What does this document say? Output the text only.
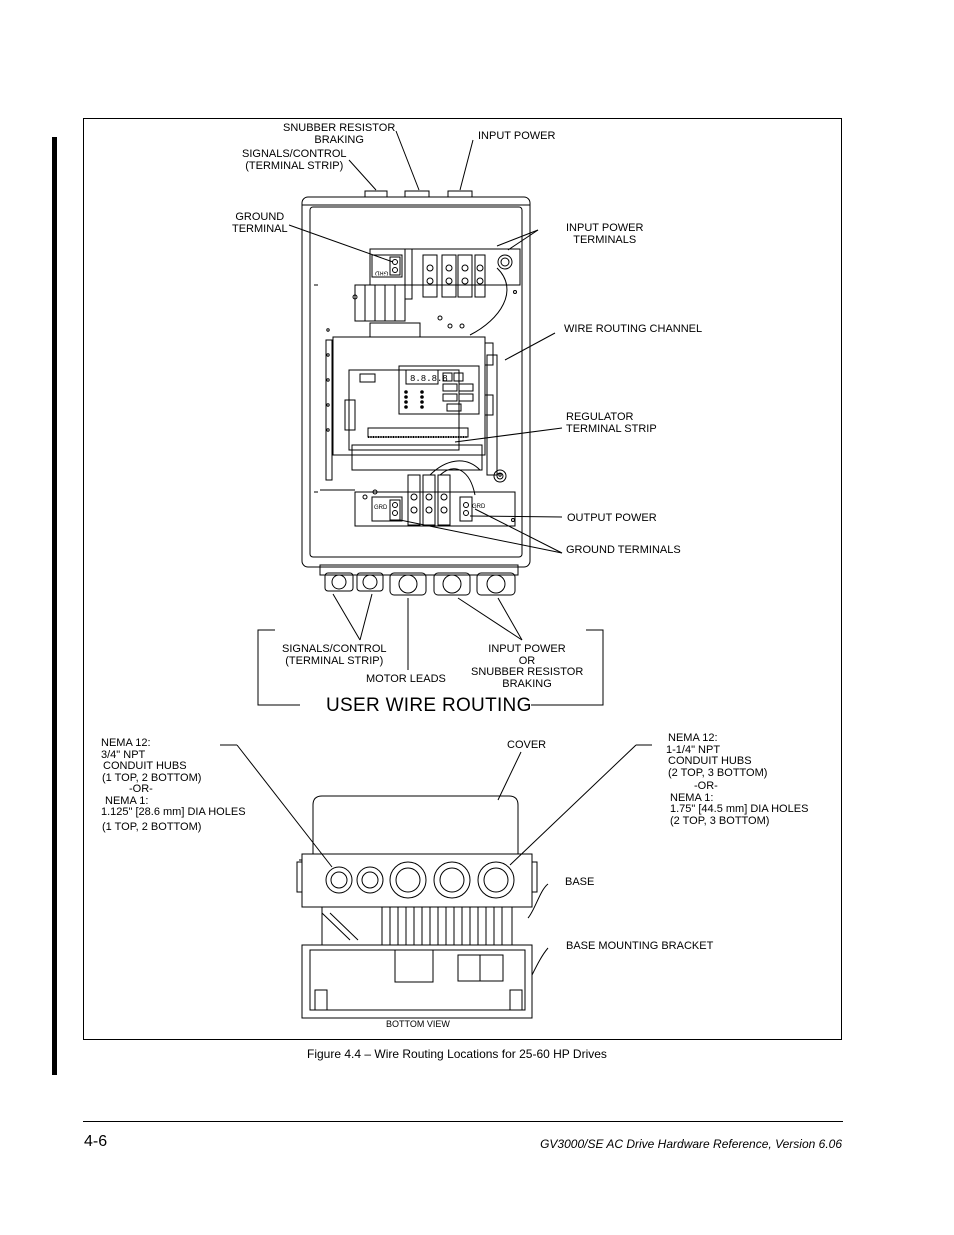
8.8.8.8
SNUBBER RESISTOR
BRAKING
SIGNALS/CONTROL
(TERMINAL STRIP)
INPUT POWER
GROUND
TERMINAL	INPUT POWER
TERMINALS
WIRE ROUTING CHANNEL
REGULATOR
TERMINAL STRIP
OUTPUT POWER
GROUND TERMINALS
GRD
GRD	GRD
SIGNALS/CONTROL
(TERMINAL STRIP)
MOTOR LEADS
INPUT POWER
OR
SNUBBER RESISTOR
BRAKING
USER WIRE ROUTING
NEMA 12:
3/4" NPT
CONDUIT HUBS
(1 TOP, 2 BOTTOM)
-OR-
NEMA 1:
1.125" [28.6 mm] DIA HOLES
(1 TOP, 2 BOTTOM)
COVER
NEMA 12:
1-1/4" NPT
CONDUIT HUBS
(2 TOP, 3 BOTTOM)
-OR-
NEMA 1:
1.75" [44.5 mm] DIA HOLES
(2 TOP, 3 BOTTOM)
BASE
BASE MOUNTING BRACKET
BOTTOM VIEW
Figure 4.4 – Wire Routing Locations for 25-60 HP Drives
4-6	GV3000/SE AC Drive Hardware Reference, Version 6.06
